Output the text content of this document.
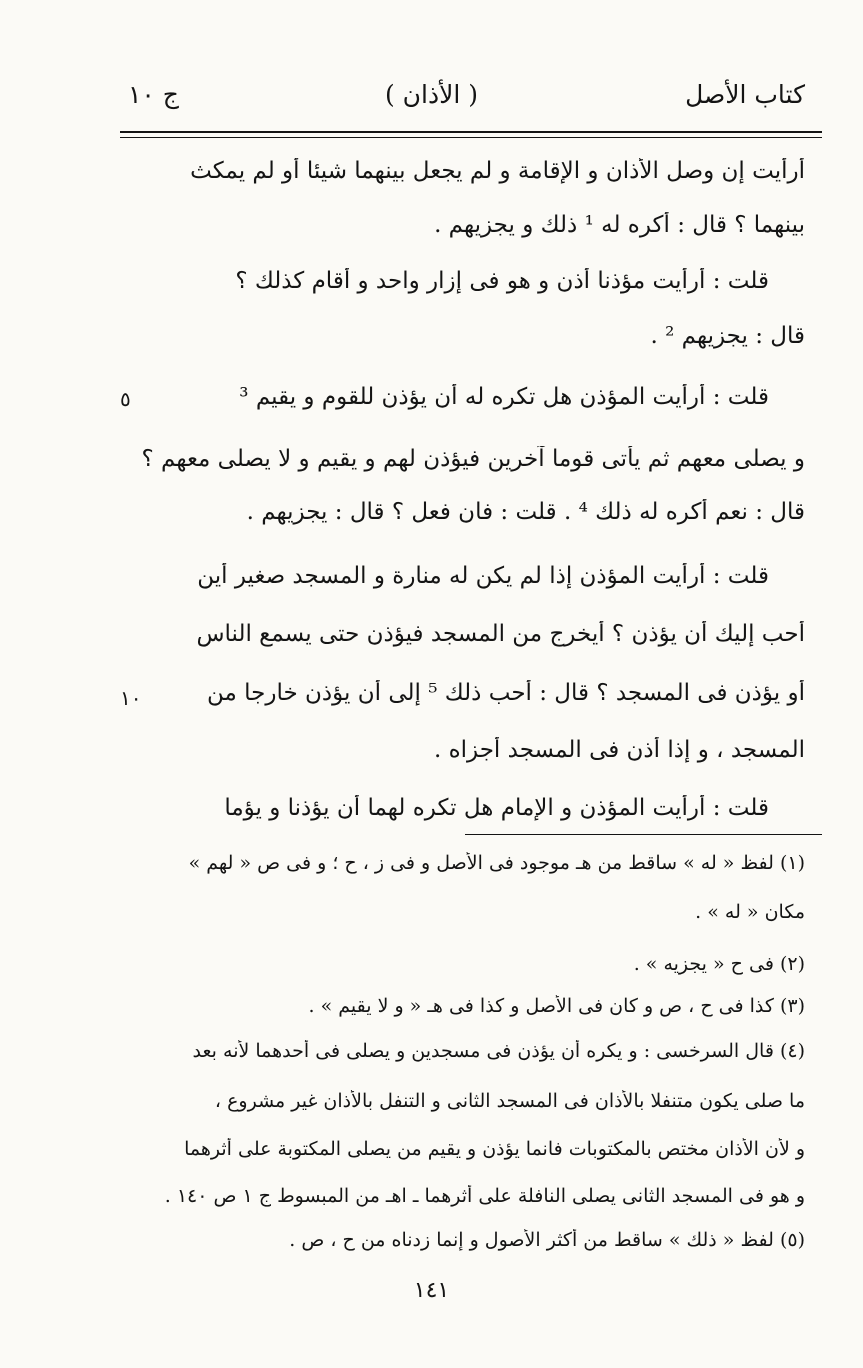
كتاب الأصل
( الأذان )
ج ١٠
أرأيت إن وصل الأذان و الإقامة و لم يجعل بينهما شيئا أو لم يمكث
بينهما ؟ قال : أكره له ¹ ذلك و يجزيهم .
قلت : أرأيت مؤذنا أذن و هو فى إزار واحد و أقام كذلك ؟
قال : يجزيهم ² .
قلت : أرأيت المؤذن هل تكره له أن يؤذن للقوم و يقيم ³
و يصلى معهم ثم يأتى قوما آخرين فيؤذن لهم و يقيم و لا يصلى معهم ؟
قال : نعم أكره له ذلك ⁴ . قلت : فان فعل ؟ قال : يجزيهم .
قلت : أرأيت المؤذن إذا لم يكن له منارة و المسجد صغير أين
أحب إليك أن يؤذن ؟ أيخرج من المسجد فيؤذن حتى يسمع الناس
أو يؤذن فى المسجد ؟ قال : أحب ذلك ⁵ إلى أن يؤذن خارجا من
المسجد ، و إذا أذن فى المسجد أجزاه .
قلت : أرأيت المؤذن و الإمام هل تكره لهما أن يؤذنا و يؤما
٥
١٠
(١) لفظ « له » ساقط من هـ موجود فى الأصل و فى ز ، ح ؛ و فى ص « لهم »
مكان « له » .
(٢) فى ح « يجزيه » .
(٣) كذا فى ح ، ص و كان فى الأصل و كذا فى هـ « و لا يقيم » .
(٤) قال السرخسى : و يكره أن يؤذن فى مسجدين و يصلى فى أحدهما لأنه بعد
ما صلى يكون متنفلا بالأذان فى المسجد الثانى و التنفل بالأذان غير مشروع ،
و لأن الأذان مختص بالمكتوبات فانما يؤذن و يقيم من يصلى المكتوبة على أثرهما
و هو فى المسجد الثانى يصلى النافلة على أثرهما ـ اهـ من المبسوط ج ١ ص ١٤٠ .
(٥) لفظ « ذلك » ساقط من أكثر الأصول و إنما زدناه من ح ، ص .
١٤١
